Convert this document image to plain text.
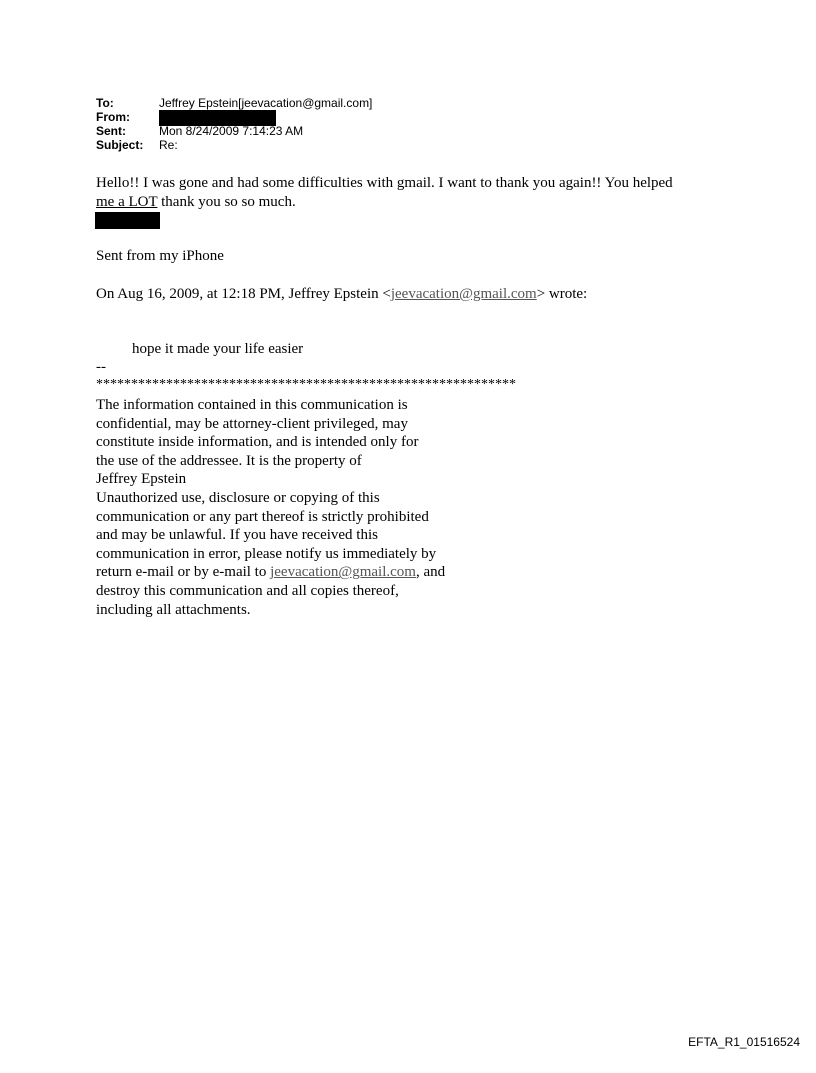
To:	Jeffrey Epstein[jeevacation@gmail.com]
From:
Sent:	Mon 8/24/2009 7:14:23 AM
Subject:	Re:
Hello!! I was gone and had some difficulties with gmail. I want to thank you again!! You helped
me a LOT thank you so so much.
Sent from my iPhone
On Aug 16, 2009, at 12:18 PM, Jeffrey Epstein <jeevacation@gmail.com> wrote:
hope it made your life easier
--
************************************************************
The information contained in this communication is
confidential, may be attorney-client privileged, may
constitute inside information, and is intended only for
the use of the addressee. It is the property of
Jeffrey Epstein
Unauthorized use, disclosure or copying of this
communication or any part thereof is strictly prohibited
and may be unlawful. If you have received this
communication in error, please notify us immediately by
return e-mail or by e-mail to jeevacation@gmail.com, and
destroy this communication and all copies thereof,
including all attachments.
EFTA_R1_01516524
